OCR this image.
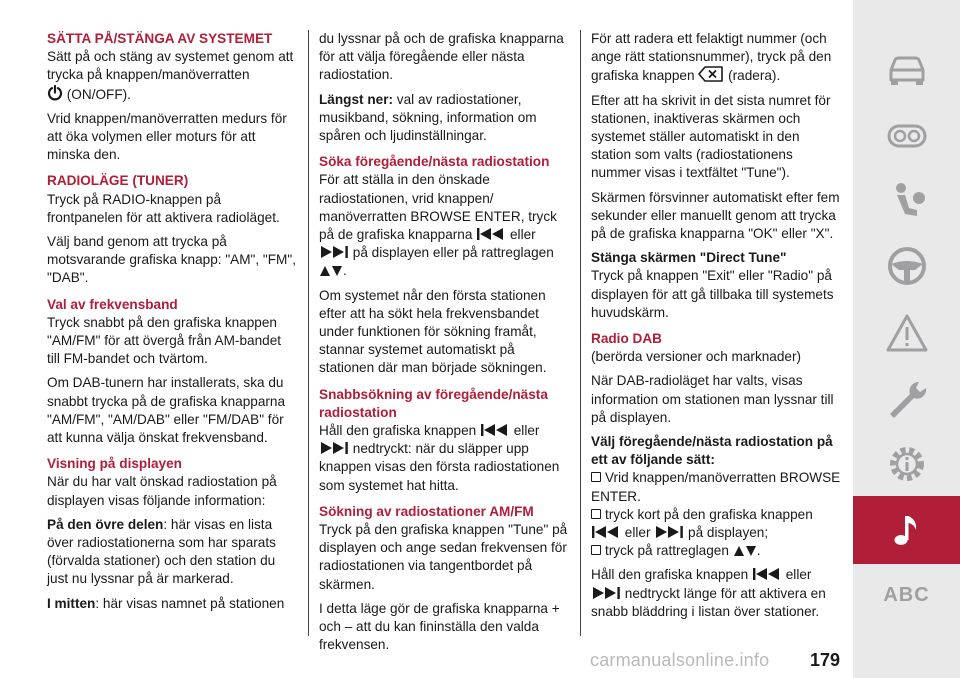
SÄTTA PÅ/STÄNGA AV SYSTEMET

Sätt på och stäng av systemet genom att trycka på knappen/manöverratten
(ON/OFF).

Vrid knappen/manöverratten medurs för att öka volymen eller moturs för att minska den.

RADIOLÄGE (TUNER)

Tryck på RADIO-knappen på frontpanelen för att aktivera radioläget.

Välj band genom att trycka på motsvarande grafiska knapp: "AM", "FM", "DAB".

Val av frekvensband

Tryck snabbt på den grafiska knappen "AM/FM" för att övergå från AM-bandet till FM-bandet och tvärtom.

Om DAB-tunern har installerats, ska du snabbt trycka på de grafiska knapparna "AM/FM", "AM/DAB" eller "FM/DAB" för att kunna välja önskat frekvensband.

Visning på displayen

När du har valt önskad radiostation på displayen visas följande information:

På den övre delen: här visas en lista över radiostationerna som har sparats (förvalda stationer) och den station du just nu lyssnar på är markerad.

I mitten: här visas namnet på stationen

du lyssnar på och de grafiska knapparna för att välja föregående eller nästa radiostation.

Längst ner: val av radiostationer, musikband, sökning, information om spåren och ljudinställningar.

Söka föregående/nästa radiostation

För att ställa in den önskade radiostationen, vrid knappen/ manöverratten BROWSE ENTER, tryck på de grafiska knapparna	eller  på displayen eller på rattreglagen
.

Om systemet når den första stationen efter att ha sökt hela frekvensbandet under funktionen för sökning framåt, stannar systemet automatiskt på stationen där man började sökningen.

Snabbsökning av föregående/nästa radiostation

Håll den grafiska knappen	eller  nedtryckt: när du släpper upp knappen visas den första radiostationen som systemet hat hitta.

Sökning av radiostationer AM/FM

Tryck på den grafiska knappen "Tune" på displayen och ange sedan frekvensen för radiostationen via tangentbordet på skärmen.

I detta läge gör de grafiska knapparna + och – att du kan fininställa den valda frekvensen.

För att radera ett felaktigt nummer (och ange rätt stationsnummer), tryck på den grafiska knappen (radera).

Efter att ha skrivit in det sista numret för stationen, inaktiveras skärmen och systemet ställer automatiskt in den station som valts (radiostationens nummer visas i textfältet "Tune").

Skärmen försvinner automatiskt efter fem sekunder eller manuellt genom att trycka på de grafiska knapparna "OK" eller "X".

Stänga skärmen "Direct Tune"

Tryck på knappen "Exit" eller "Radio" på displayen för att gå tillbaka till systemets huvudskärm.

Radio DAB

(berörda versioner och marknader)

När DAB-radioläget har valts, visas information om stationen man lyssnar till på displayen.

Välj föregående/nästa radiostation på ett av följande sätt:
Vrid knappen/manöverratten BROWSE ENTER.
tryck kort på den grafiska knappen
eller	på displayen;
tryck på rattreglagen .

Håll den grafiska knappen	eller  nedtryckt länge för att aktivera en snabb bläddring i listan över stationer.

ABC
carmanualsonline.info	179
